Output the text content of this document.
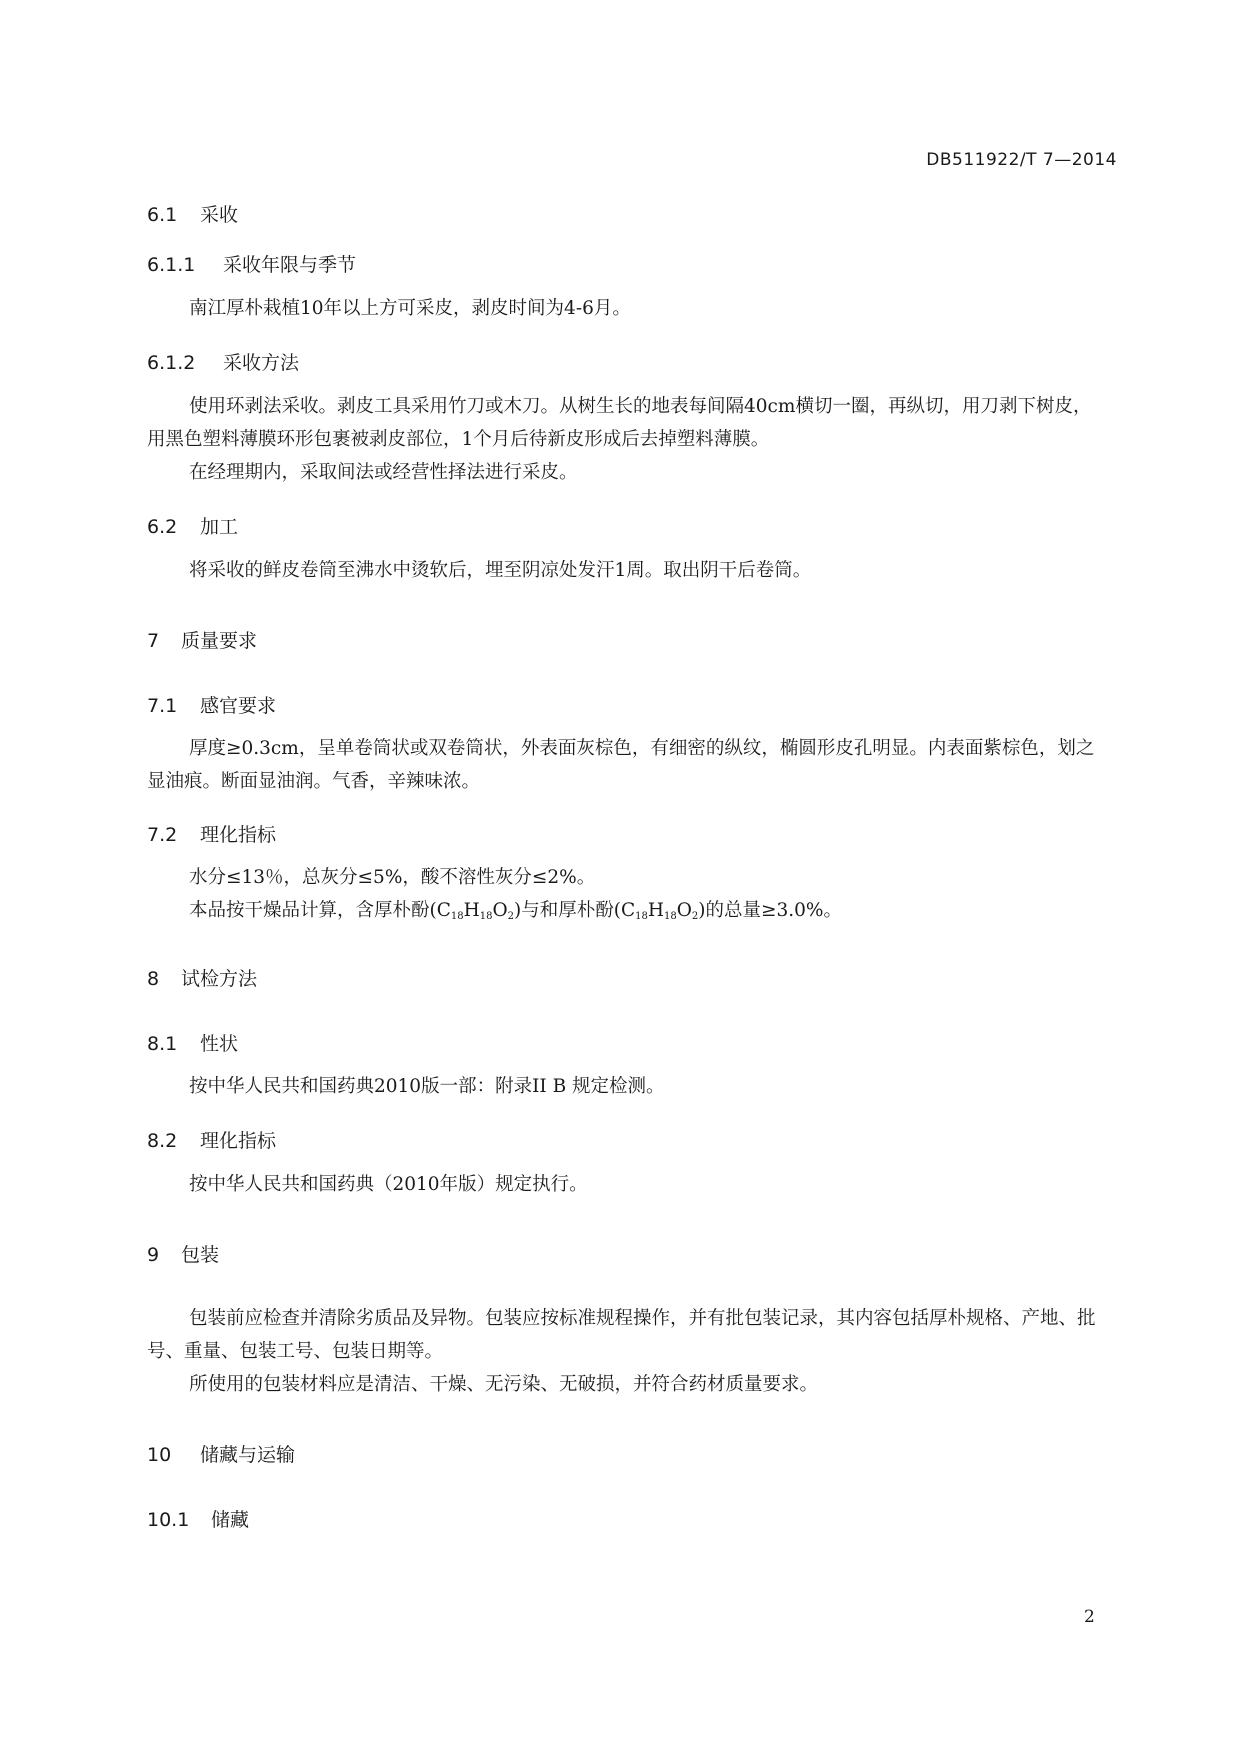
DB511922/T 7—2014
6.1 采收
6.1.1 采收年限与季节

南江厚朴栽植10年以上方可采皮，剥皮时间为4-6月。

6.1.2 采收方法

使用环剥法采收。剥皮工具采用竹刀或木刀。从树生长的地表每间隔40cm横切一圈，再纵切，用刀剥下树皮，用黑色塑料薄膜环形包裹被剥皮部位，1个月后待新皮形成后去掉塑料薄膜。

在经理期内，采取间法或经营性择法进行采皮。

6.2 加工

将采收的鲜皮卷筒至沸水中烫软后，埋至阴凉处发汗1周。取出阴干后卷筒。

7 质量要求
7.1 感官要求

厚度≥0.3cm，呈单卷筒状或双卷筒状，外表面灰棕色，有细密的纵纹，椭圆形皮孔明显。内表面紫棕色，划之显油痕。断面显油润。气香，辛辣味浓。

7.2 理化指标

水分≤13％，总灰分≤5%，酸不溶性灰分≤2%。

本品按干燥品计算，含厚朴酚$(C_{18}H_{18}O_2)$与和厚朴酚$(C_{18}H_{18}O_2)$的总量≥3.0%。

8 试检方法
8.1 性状

按中华人民共和国药典2010版一部：附录II B 规定检测。

8.2 理化指标

按中华人民共和国药典（2010年版）规定执行。

9 包装

包装前应检查并清除劣质品及异物。包装应按标准规程操作，并有批包装记录，其内容包括厚朴规格、产地、批号、重量、包装工号、包装日期等。

所使用的包装材料应是清洁、干燥、无污染、无破损，并符合药材质量要求。

10 储藏与运输
10.1 储藏
2
